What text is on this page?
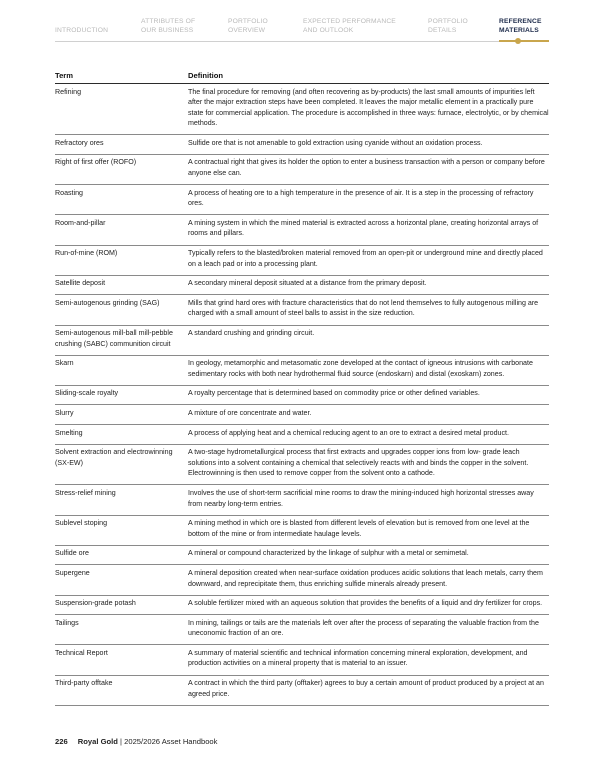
INTRODUCTION
ATTRIBUTES OF
OUR BUSINESS
PORTFOLIO
OVERVIEW
EXPECTED PERFORMANCE
AND OUTLOOK
PORTFOLIO
DETAILS
REFERENCE
MATERIALS
Term	Definition
Refining	The final procedure for removing (and often recovering as by-products) the last small amounts of impurities left after the major extraction steps have been completed. It leaves the major metallic element in a practically pure state for commercial application. The procedure is accomplished in three ways: furnace, electrolytic, or by chemical methods.
Refractory ores	Sulfide ore that is not amenable to gold extraction using cyanide without an oxidation process.
Right of first offer (ROFO)	A contractual right that gives its holder the option to enter a business transaction with a person or company before anyone else can.
Roasting	A process of heating ore to a high temperature in the presence of air. It is a step in the processing of refractory ores.
Room-and-pillar	A mining system in which the mined material is extracted across a horizontal plane, creating horizontal arrays of rooms and pillars.
Run-of-mine (ROM)	Typically refers to the blasted/broken material removed from an open-pit or underground mine and directly placed on a leach pad or into a processing plant.
Satellite deposit	A secondary mineral deposit situated at a distance from the primary deposit.
Semi-autogenous grinding (SAG)	Mills that grind hard ores with fracture characteristics that do not lend themselves to fully autogenous milling are charged with a small amount of steel balls to assist in the size reduction.
Semi-autogenous mill-ball mill-pebble crushing (SABC) communition circuit	A standard crushing and grinding circuit.
Skarn	In geology, metamorphic and metasomatic zone developed at the contact of igneous intrusions with carbonate sedimentary rocks with both near hydrothermal fluid source (endoskarn) and distal (exoskarn) zones.
Sliding-scale royalty	A royalty percentage that is determined based on commodity price or other defined variables.
Slurry	A mixture of ore concentrate and water.
Smelting	A process of applying heat and a chemical reducing agent to an ore to extract a desired metal product.
Solvent extraction and electrowinning (SX-EW)	A two-stage hydrometallurgical process that first extracts and upgrades copper ions from low- grade leach solutions into a solvent containing a chemical that selectively reacts with and binds the copper in the solvent. Electrowinning is then used to remove copper from the solvent onto a cathode.
Stress-relief mining	Involves the use of short-term sacrificial mine rooms to draw the mining-induced high horizontal stresses away from nearby long-term entries.
Sublevel stoping	A mining method in which ore is blasted from different levels of elevation but is removed from one level at the bottom of the mine or from intermediate haulage levels.
Sulfide ore	A mineral or compound characterized by the linkage of sulphur with a metal or semimetal.
Supergene	A mineral deposition created when near-surface oxidation produces acidic solutions that leach metals, carry them downward, and reprecipitate them, thus enriching sulfide minerals already present.
Suspension-grade potash	A soluble fertilizer mixed with an aqueous solution that provides the benefits of a liquid and dry fertilizer for crops.
Tailings	In mining, tailings or tails are the materials left over after the process of separating the valuable fraction from the uneconomic fraction of an ore.
Technical Report	A summary of material scientific and technical information concerning mineral exploration, development, and production activities on a mineral property that is material to an issuer.
Third-party offtake	A contract in which the third party (offtaker) agrees to buy a certain amount of product produced by a project at an agreed price.
226 Royal Gold | 2025/2026 Asset Handbook
